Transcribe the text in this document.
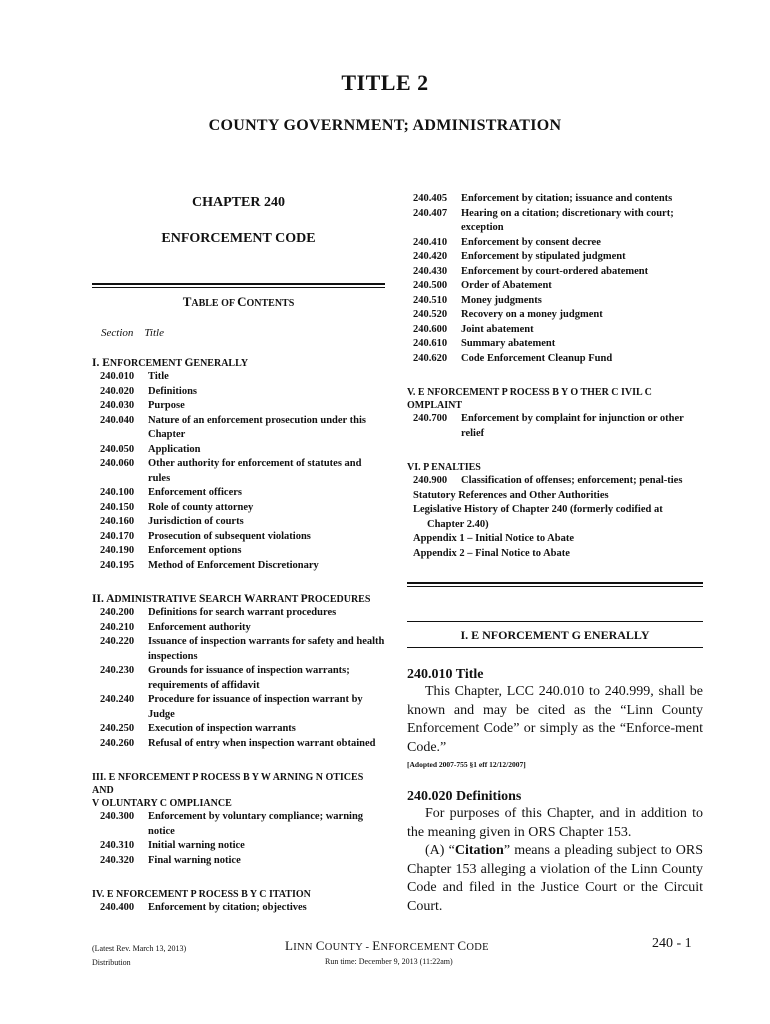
TITLE 2
COUNTY GOVERNMENT; ADMINISTRATION
CHAPTER 240
ENFORCEMENT CODE
TABLE OF CONTENTS
Section Title
I. ENFORCEMENT GENERALLY
240.010	Title
240.020	Definitions
240.030	Purpose
240.040	Nature of an enforcement prosecution under this Chapter
240.050	Application
240.060	Other authority for enforcement of statutes and rules
240.100	Enforcement officers
240.150	Role of county attorney
240.160	Jurisdiction of courts
240.170	Prosecution of subsequent violations
240.190	Enforcement options
240.195	Method of Enforcement Discretionary
II. ADMINISTRATIVE SEARCH WARRANT PROCEDURES
240.200	Definitions for search warrant procedures
240.210	Enforcement authority
240.220	Issuance of inspection warrants for safety and health inspections
240.230	Grounds for issuance of inspection warrants; requirements of affidavit
240.240	Procedure for issuance of inspection warrant by Judge
240.250	Execution of inspection warrants
240.260	Refusal of entry when inspection warrant obtained
III. E NFORCEMENT P ROCESS B Y W ARNING N OTICES AND
V OLUNTARY C OMPLIANCE
240.300	Enforcement by voluntary compliance; warning notice
240.310	Initial warning notice
240.320	Final warning notice
IV. E NFORCEMENT P ROCESS B Y C ITATION
240.400	Enforcement by citation; objectives
240.405	Enforcement by citation; issuance and contents
240.407	Hearing on a citation; discretionary with court; exception
240.410	Enforcement by consent decree
240.420	Enforcement by stipulated judgment
240.430	Enforcement by court-ordered abatement
240.500	Order of Abatement
240.510	Money judgments
240.520	Recovery on a money judgment
240.600	Joint abatement
240.610	Summary abatement
240.620	Code Enforcement Cleanup Fund
V. E NFORCEMENT P ROCESS B Y O THER C IVIL C OMPLAINT
240.700	Enforcement by complaint for injunction or other relief
VI. P ENALTIES
240.900	Classification of offenses; enforcement; penal-ties
Statutory References and Other Authorities
Legislative History of Chapter 240 (formerly codified at
Chapter 2.40)
Appendix 1 – Initial Notice to Abate
Appendix 2 – Final Notice to Abate
I. E NFORCEMENT G ENERALLY
240.010 Title

This Chapter, LCC 240.010 to 240.999, shall be known and may be cited as the “Linn County Enforcement Code” or simply as the “Enforce-ment Code.”

[Adopted 2007-755 §1 eff 12/12/2007]
240.020 Definitions

For purposes of this Chapter, and in addition to the meaning given in ORS Chapter 153.

(A) “Citation” means a pleading subject to ORS Chapter 153 alleging a violation of the Linn County Code and filed in the Justice Court or the Circuit Court.

(Latest Rev. March 13, 2013)
Distribution
LINN COUNTY - ENFORCEMENT CODE
Run time: December 9, 2013 (11:22am)
240 - 1
